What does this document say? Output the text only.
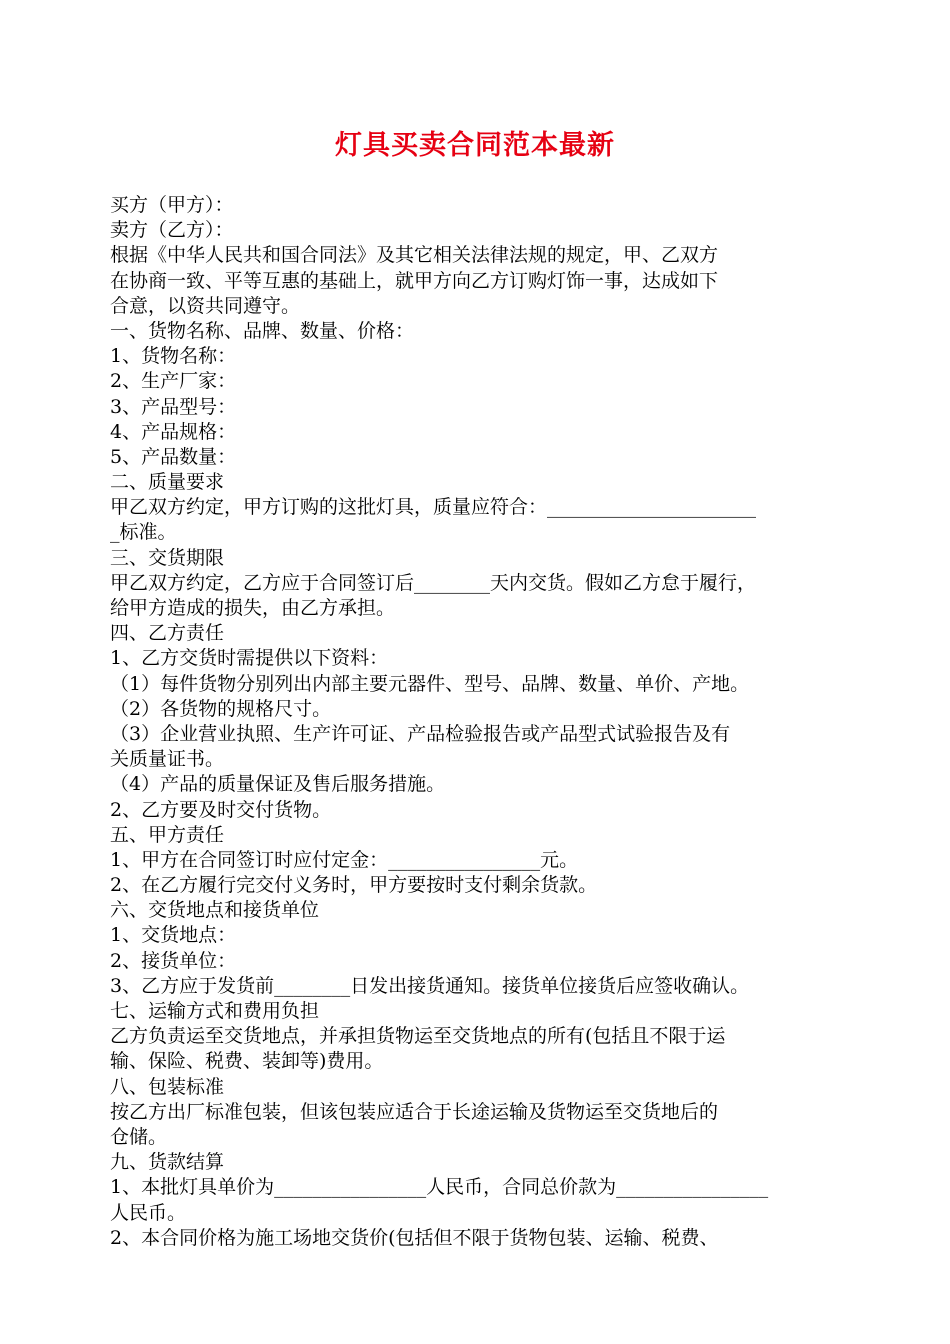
灯具买卖合同范本最新
买方（甲方）：
卖方（乙方）：
根据《中华人民共和国合同法》及其它相关法律法规的规定，甲、乙双方
在协商一致、平等互惠的基础上，就甲方向乙方订购灯饰一事，达成如下
合意，以资共同遵守。
一、货物名称、品牌、数量、价格：
1、货物名称：
2、生产厂家：
3、产品型号：
4、产品规格：
5、产品数量：
二、质量要求
甲乙双方约定，甲方订购的这批灯具，质量应符合：______________________
_标准。
三、交货期限
甲乙双方约定，乙方应于合同签订后________天内交货。假如乙方怠于履行，
给甲方造成的损失，由乙方承担。
四、乙方责任
1、乙方交货时需提供以下资料：
（1）每件货物分别列出内部主要元器件、型号、品牌、数量、单价、产地。
（2）各货物的规格尺寸。
（3）企业营业执照、生产许可证、产品检验报告或产品型式试验报告及有
关质量证书。
（4）产品的质量保证及售后服务措施。
2、乙方要及时交付货物。
五、甲方责任
1、甲方在合同签订时应付定金：________________元。
2、在乙方履行完交付义务时，甲方要按时支付剩余货款。
六、交货地点和接货单位
1、交货地点：
2、接货单位：
3、乙方应于发货前________日发出接货通知。接货单位接货后应签收确认。
七、运输方式和费用负担
乙方负责运至交货地点，并承担货物运至交货地点的所有(包括且不限于运
输、保险、税费、装卸等)费用。
八、包装标准
按乙方出厂标准包装，但该包装应适合于长途运输及货物运至交货地后的
仓储。
九、货款结算
1、本批灯具单价为________________人民币，合同总价款为________________
人民币。
2、本合同价格为施工场地交货价(包括但不限于货物包装、运输、税费、
